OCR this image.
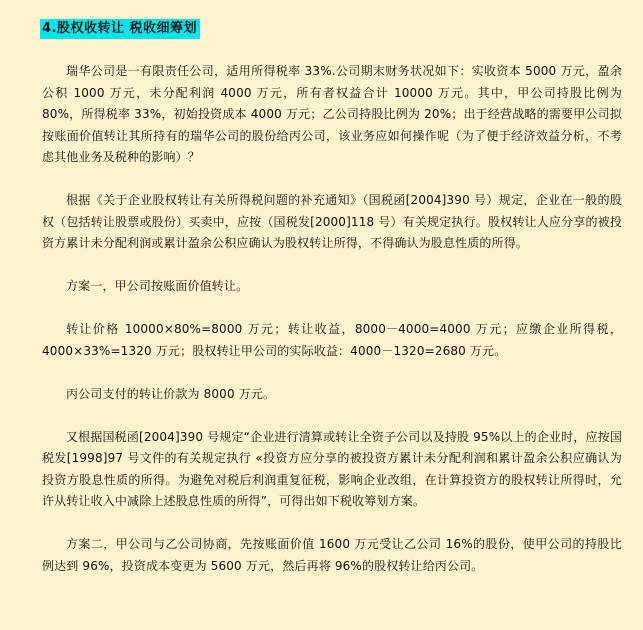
4.股权收转让 税收细筹划

瑞华公司是一有限责任公司，适用所得税率 33%.公司期末财务状况如下：实收资本 5000 万元，盈余公积 1000 万元，未分配利润 4000 万元，所有者权益合计 10000 万元。其中，甲公司持股比例为 80%，所得税率 33%，初始投资成本 4000 万元；乙公司持股比例为 20%；出于经营战略的需要甲公司拟按账面价值转让其所持有的瑞华公司的股份给丙公司，该业务应如何操作呢（为了便于经济效益分析，不考虑其他业务及税种的影响）？

根据《关于企业股权转让有关所得税问题的补充通知》（国税函[2004]390 号）规定，企业在一般的股权（包括转让股票或股份）买卖中，应按（国税发[2000]118 号）有关规定执行。股权转让人应分享的被投资方累计未分配利润或累计盈余公积应确认为股权转让所得，不得确认为股息性质的所得。

方案一，甲公司按账面价值转让。

转让价格 10000×80%=8000 万元；转让收益，8000－4000=4000 万元；应缴企业所得税，4000×33%=1320 万元；股权转让甲公司的实际收益：4000－1320=2680 万元。

丙公司支付的转让价款为 8000 万元。

又根据国税函[2004]390 号规定“企业进行清算或转让全资子公司以及持股 95%以上的企业时，应按国税发[1998]97 号文件的有关规定执行 «投资方应分享的被投资方累计未分配利润和累计盈余公积应确认为投资方股息性质的所得。为避免对税后利润重复征税，影响企业改组，在计算投资方的股权转让所得时，允许从转让收入中减除上述股息性质的所得”，可得出如下税收筹划方案。

方案二，甲公司与乙公司协商，先按账面价值 1600 万元受让乙公司 16%的股份，使甲公司的持股比例达到 96%，投资成本变更为 5600 万元，然后再将 96%的股权转让给丙公司。
